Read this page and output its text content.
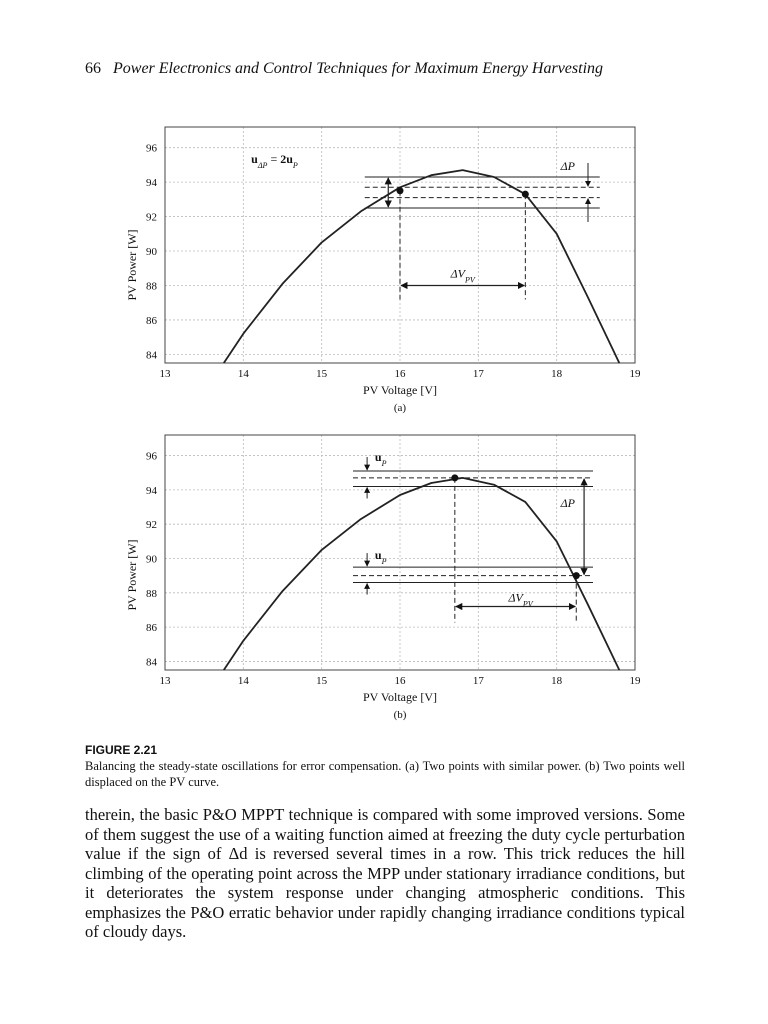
66 Power Electronics and Control Techniques for Maximum Energy Harvesting
13	14	15	16	17	18	19
84
86
88
90
92
94
96
$u_{\Delta P} = 2u_P$	ΔP
$\Delta V_{PV}$
PV Voltage [V]
PV Power [W]
(a)
13	14	15	16	17	18	19
84
86
88
90
92
94
96	$u_P$
$u_P$
ΔP
$\Delta V_{PV}$
PV Voltage [V]
PV Power [W]
(b)
FIGURE 2.21
Balancing the steady-state oscillations for error compensation. (a) Two points with similar power. (b) Two points well displaced on the PV curve.
therein, the basic P&O MPPT technique is compared with some improved versions. Some of them suggest the use of a waiting function aimed at freezing the duty cycle perturbation value if the sign of Δd is reversed several times in a row. This trick reduces the hill climbing of the operating point across the MPP under stationary irradiance conditions, but it deteriorates the system response under changing atmospheric conditions. This emphasizes the P&O erratic behavior under rapidly changing irradiance conditions typical of cloudy days.
